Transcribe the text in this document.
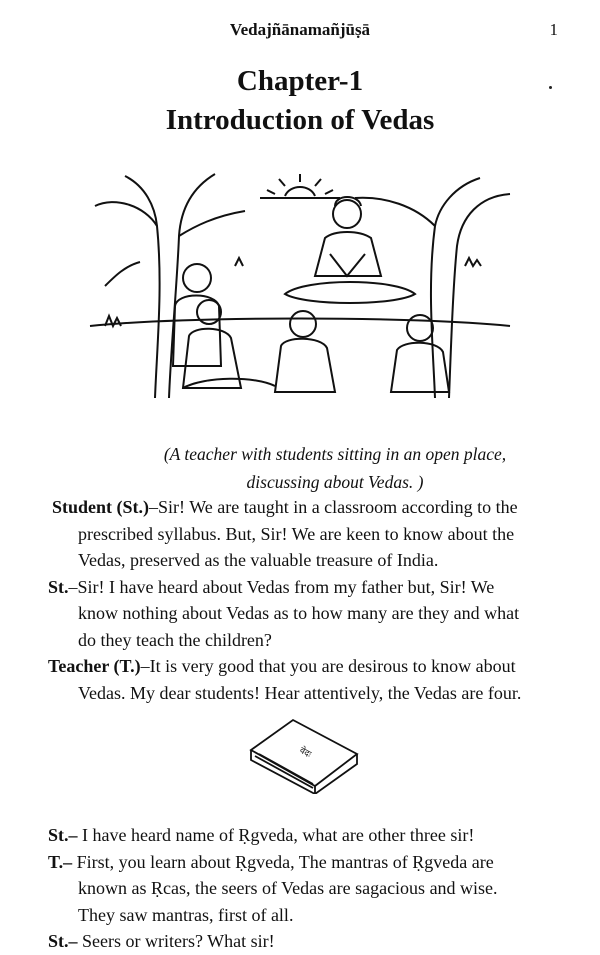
Vedajñānamañjūṣā	1
Chapter-1
Introduction of Vedas
(A teacher with students sitting in an open place,
discussing about Vedas. )
Student (St.)–Sir! We are taught in a classroom according to the
prescribed syllabus. But, Sir! We are keen to know about the
Vedas, preserved as the valuable treasure of India.
St.–Sir! I have heard about Vedas from my father but, Sir! We
know nothing about Vedas as to how many are they and what
do they teach the children?
Teacher (T.)–It is very good that you are desirous to know about
Vedas. My dear students! Hear attentively, the Vedas are four.
वेदः
St.– I have heard name of Ṛgveda, what are other three sir!
T.– First, you learn about Ṛgveda, The mantras of Ṛgveda are
known as Ṛcas, the seers of Vedas are sagacious and wise.
They saw mantras, first of all.
St.– Seers or writers? What sir!
